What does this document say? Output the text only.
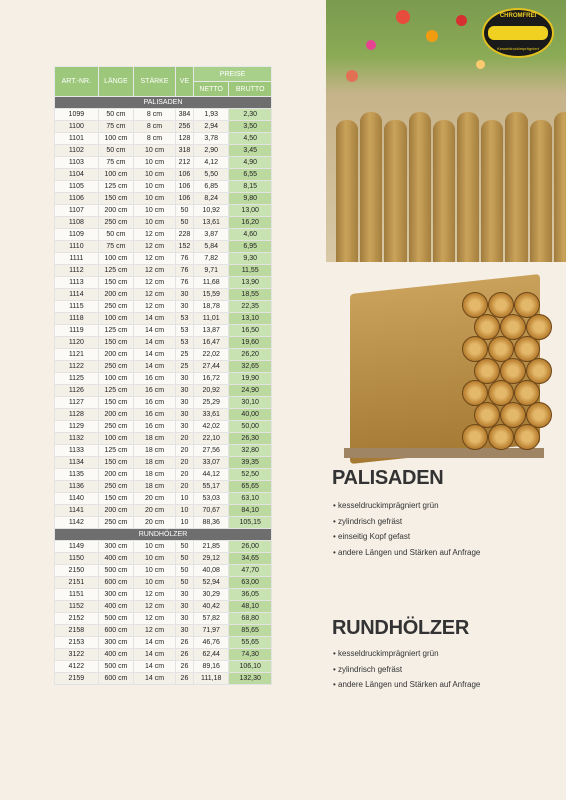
CHROMFREI
Kesseldruckimprägniert
ART.-NR.	LÄNGE	STÄRKE	VE	PREISE	
				NETTO	BRUTTO
PALISADEN					
1099	50 cm	8 cm	384	1,93	2,30
1100	75 cm	8 cm	256	2,94	3,50
1101	100 cm	8 cm	128	3,78	4,50
1102	50 cm	10 cm	318	2,90	3,45
1103	75 cm	10 cm	212	4,12	4,90
1104	100 cm	10 cm	106	5,50	6,55
1105	125 cm	10 cm	106	6,85	8,15
1106	150 cm	10 cm	106	8,24	9,80
1107	200 cm	10 cm	50	10,92	13,00
1108	250 cm	10 cm	50	13,61	16,20
1109	50 cm	12 cm	228	3,87	4,60
1110	75 cm	12 cm	152	5,84	6,95
1111	100 cm	12 cm	76	7,82	9,30
1112	125 cm	12 cm	76	9,71	11,55
1113	150 cm	12 cm	76	11,68	13,90
1114	200 cm	12 cm	30	15,59	18,55
1115	250 cm	12 cm	30	18,78	22,35
1118	100 cm	14 cm	53	11,01	13,10
1119	125 cm	14 cm	53	13,87	16,50
1120	150 cm	14 cm	53	16,47	19,60
1121	200 cm	14 cm	25	22,02	26,20
1122	250 cm	14 cm	25	27,44	32,65
1125	100 cm	16 cm	30	16,72	19,90
1126	125 cm	16 cm	30	20,92	24,90
1127	150 cm	16 cm	30	25,29	30,10
1128	200 cm	16 cm	30	33,61	40,00
1129	250 cm	16 cm	30	42,02	50,00
1132	100 cm	18 cm	20	22,10	26,30
1133	125 cm	18 cm	20	27,56	32,80
1134	150 cm	18 cm	20	33,07	39,35
1135	200 cm	18 cm	20	44,12	52,50
1136	250 cm	18 cm	20	55,17	65,65
1140	150 cm	20 cm	10	53,03	63,10
1141	200 cm	20 cm	10	70,67	84,10
1142	250 cm	20 cm	10	88,36	105,15
RUNDHÖLZER					
1149	300 cm	10 cm	50	21,85	26,00
1150	400 cm	10 cm	50	29,12	34,65
2150	500 cm	10 cm	50	40,08	47,70
2151	600 cm	10 cm	50	52,94	63,00
1151	300 cm	12 cm	30	30,29	36,05
1152	400 cm	12 cm	30	40,42	48,10
2152	500 cm	12 cm	30	57,82	68,80
2158	600 cm	12 cm	30	71,97	85,65
2153	300 cm	14 cm	26	46,76	55,65
3122	400 cm	14 cm	26	62,44	74,30
4122	500 cm	14 cm	26	89,16	106,10
2159	600 cm	14 cm	26	111,18	132,30
PALISADEN
• kesseldruckimprägniert grün
• zylindrisch gefräst
• einseitig Kopf gefast
• andere Längen und Stärken auf Anfrage
RUNDHÖLZER
• kesseldruckimprägniert grün
• zylindrisch gefräst
• andere Längen und Stärken auf Anfrage
